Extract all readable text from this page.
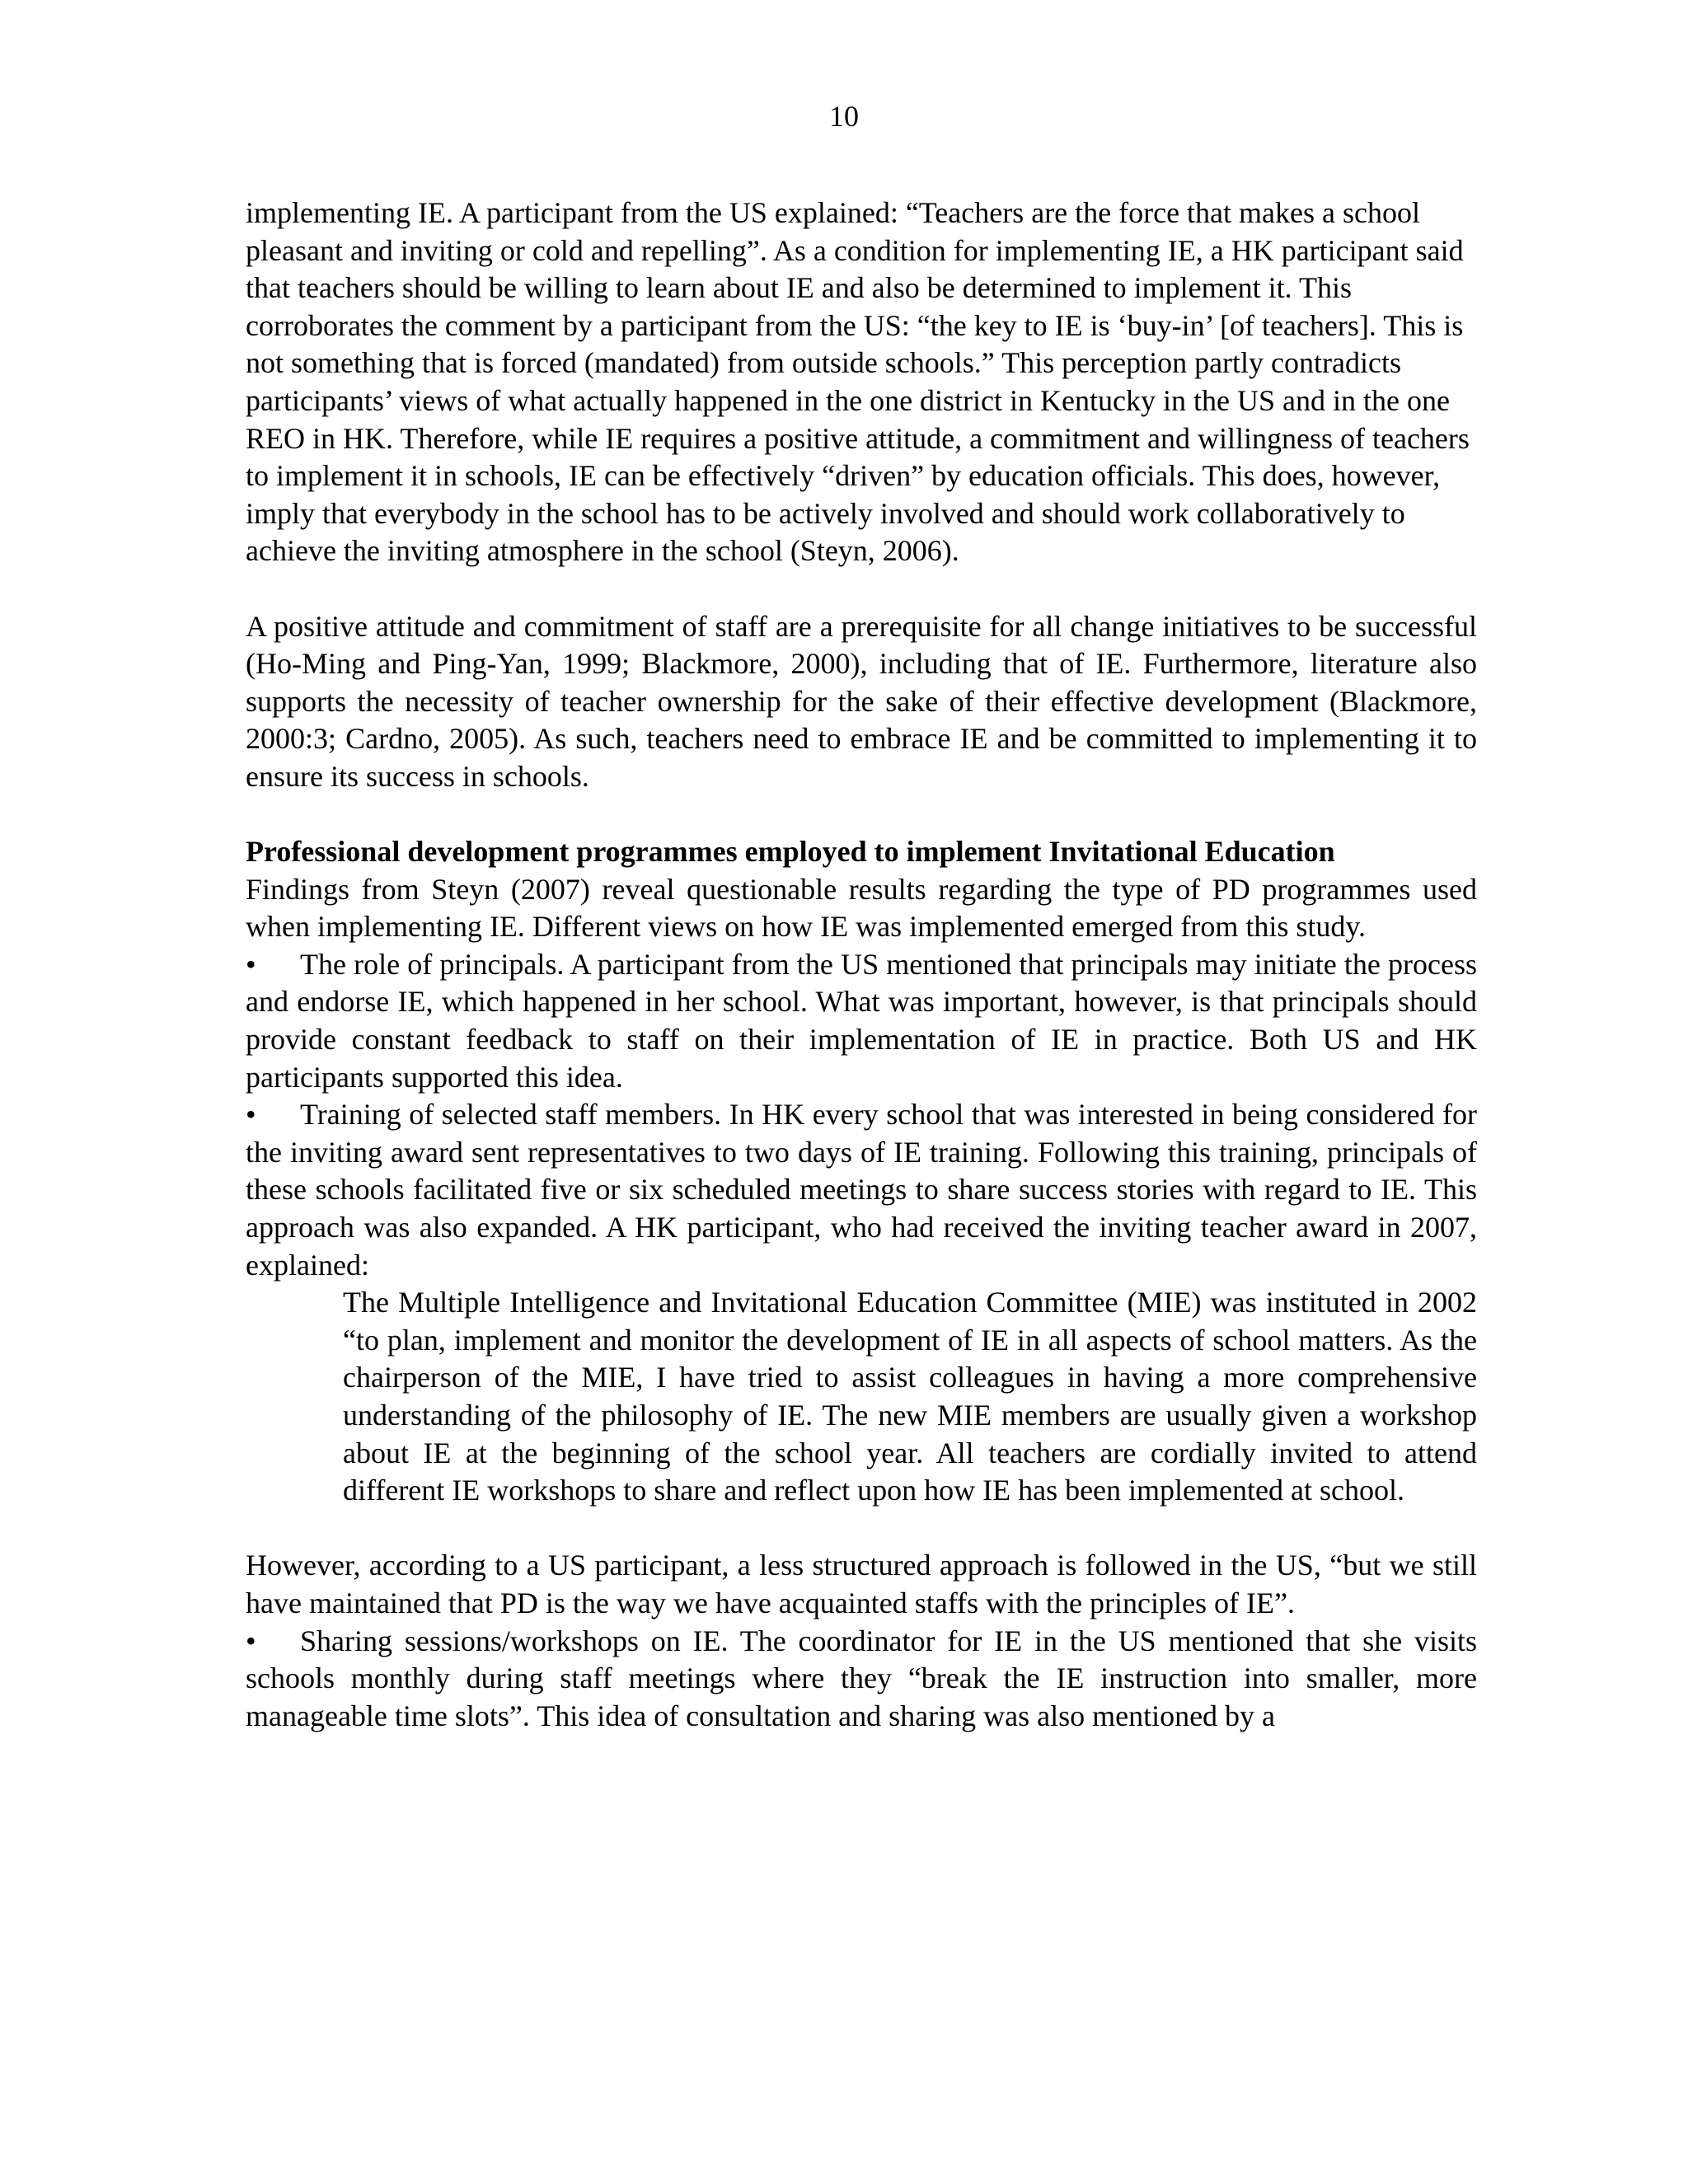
10

implementing IE. A participant from the US explained: “Teachers are the force that makes a school pleasant and inviting or cold and repelling”. As a condition for implementing IE, a HK participant said that teachers should be willing to learn about IE and also be determined to implement it. This corroborates the comment by a participant from the US: “the key to IE is ‘buy-in’ [of teachers]. This is not something that is forced (mandated) from outside schools.” This perception partly contradicts participants’ views of what actually happened in the one district in Kentucky in the US and in the one REO in HK. Therefore, while IE requires a positive attitude, a commitment and willingness of teachers to implement it in schools, IE can be effectively “driven” by education officials. This does, however, imply that everybody in the school has to be actively involved and should work collaboratively to achieve the inviting atmosphere in the school (Steyn, 2006).

A positive attitude and commitment of staff are a prerequisite for all change initiatives to be successful (Ho-Ming and Ping-Yan, 1999; Blackmore, 2000), including that of IE. Furthermore, literature also supports the necessity of teacher ownership for the sake of their effective development (Blackmore, 2000:3; Cardno, 2005). As such, teachers need to embrace IE and be committed to implementing it to ensure its success in schools.

Professional development programmes employed to implement Invitational Education

Findings from Steyn (2007) reveal questionable results regarding the type of PD programmes used when implementing IE. Different views on how IE was implemented emerged from this study.

• The role of principals. A participant from the US mentioned that principals may initiate the process and endorse IE, which happened in her school. What was important, however, is that principals should provide constant feedback to staff on their implementation of IE in practice. Both US and HK participants supported this idea.

• Training of selected staff members. In HK every school that was interested in being considered for the inviting award sent representatives to two days of IE training. Following this training, principals of these schools facilitated five or six scheduled meetings to share success stories with regard to IE. This approach was also expanded. A HK participant, who had received the inviting teacher award in 2007, explained:

The Multiple Intelligence and Invitational Education Committee (MIE) was instituted in 2002 “to plan, implement and monitor the development of IE in all aspects of school matters. As the chairperson of the MIE, I have tried to assist colleagues in having a more comprehensive understanding of the philosophy of IE. The new MIE members are usually given a workshop about IE at the beginning of the school year. All teachers are cordially invited to attend different IE workshops to share and reflect upon how IE has been implemented at school.

However, according to a US participant, a less structured approach is followed in the US, “but we still have maintained that PD is the way we have acquainted staffs with the principles of IE”.

• Sharing sessions/workshops on IE. The coordinator for IE in the US mentioned that she visits schools monthly during staff meetings where they “break the IE instruction into smaller, more manageable time slots”. This idea of consultation and sharing was also mentioned by a
